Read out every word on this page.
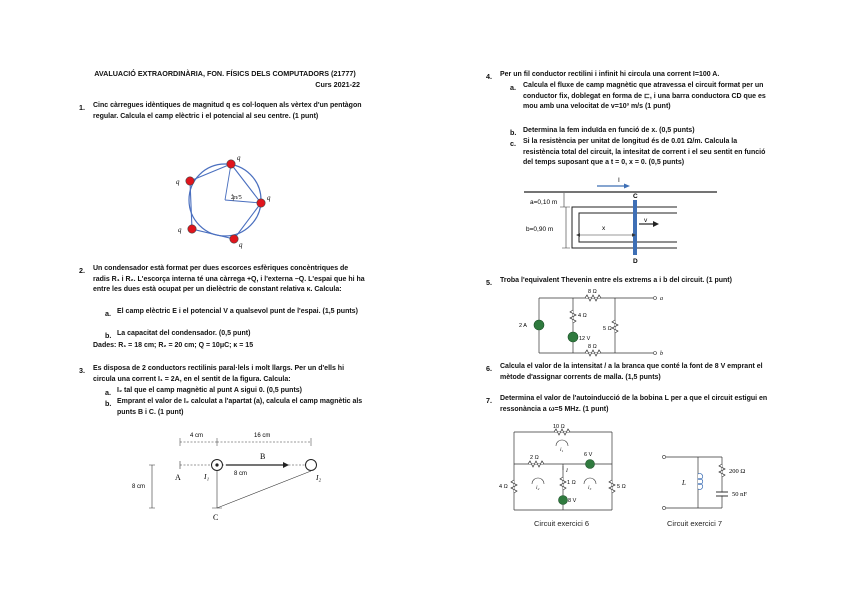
AVALUACIÓ EXTRAORDINÀRIA, FON. FÍSICS DELS COMPUTADORS (21777)
Curs 2021-22
1. Cinc càrregues idèntiques de magnitud q es col·loquen als vèrtex d'un pentàgon regular. Calcula el camp elèctric i el potencial al seu centre. (1 punt)
q
q
q
q
q
2π/5
2. Un condensador està format per dues escorces esfèriques concèntriques de radis R₁ i R₂. L'escorça interna té una càrrega +Q, i l'externa −Q. L'espai que hi ha entre les dues està ocupat per un dielèctric de constant relativa κ. Calcula:
a. El camp elèctric E i el potencial V a qualsevol punt de l'espai. (1,5 punts)
b. La capacitat del condensador. (0,5 punt)
Dades: R₁ = 18 cm; R₂ = 20 cm; Q = 10μC; κ = 15
3. Es disposa de 2 conductors rectilinis paral·lels i molt llargs. Per un d'ells hi circula una corrent I₁ = 2A, en el sentit de la figura. Calcula:
a. I₂ tal que el camp magnètic al punt A sigui 0. (0,5 punts)
b. Emprant el valor de I₂ calculat a l'apartat (a), calcula el camp magnètic als punts B i C. (1 punt)
4 cm	16 cm
8 cm
8 cm
A
B
C
I₁	I₂
4. Per un fil conductor rectilini i infinit hi circula una corrent I=100 A.
a. Calcula el fluxe de camp magnètic que atravessa el circuit format per un conductor fix, doblegat en forma de ⊏, i una barra conductora CD que es mou amb una velocitat de v=10³ m/s (1 punt)
b. Determina la fem induïda en funció de x. (0,5 punts)
c. Si la resistència per unitat de longitud és de 0.01 Ω/m. Calcula la resistència total del circuit, la intesitat de corrent i el seu sentit en funció del temps suposant que a t = 0, x = 0. (0,5 punts)
I
C
D
v
a=0,10 m
b=0,90 m	x
5. Troba l'equivalent Thevenin entre els extrems a i b del circuit. (1 punt)
8 Ω
4 Ω
5 Ω
8 Ω
2 A
12 V
a
b
6. Calcula el valor de la intensitat / a la branca que conté la font de 8 V emprant el mètode d'assignar corrents de malla. (1,5 punts)
7. Determina el valor de l'autoinducció de la bobina L per a que el circuit estigui en ressonància a ω=5 MHz. (1 punt)
10 Ω
2 Ω	6 V
1 Ω
8 V
4 Ω	5 Ω
i₁
i₂	i₃
I
Circuit exercici 6
L
200 Ω
50 nF
Circuit exercici 7
